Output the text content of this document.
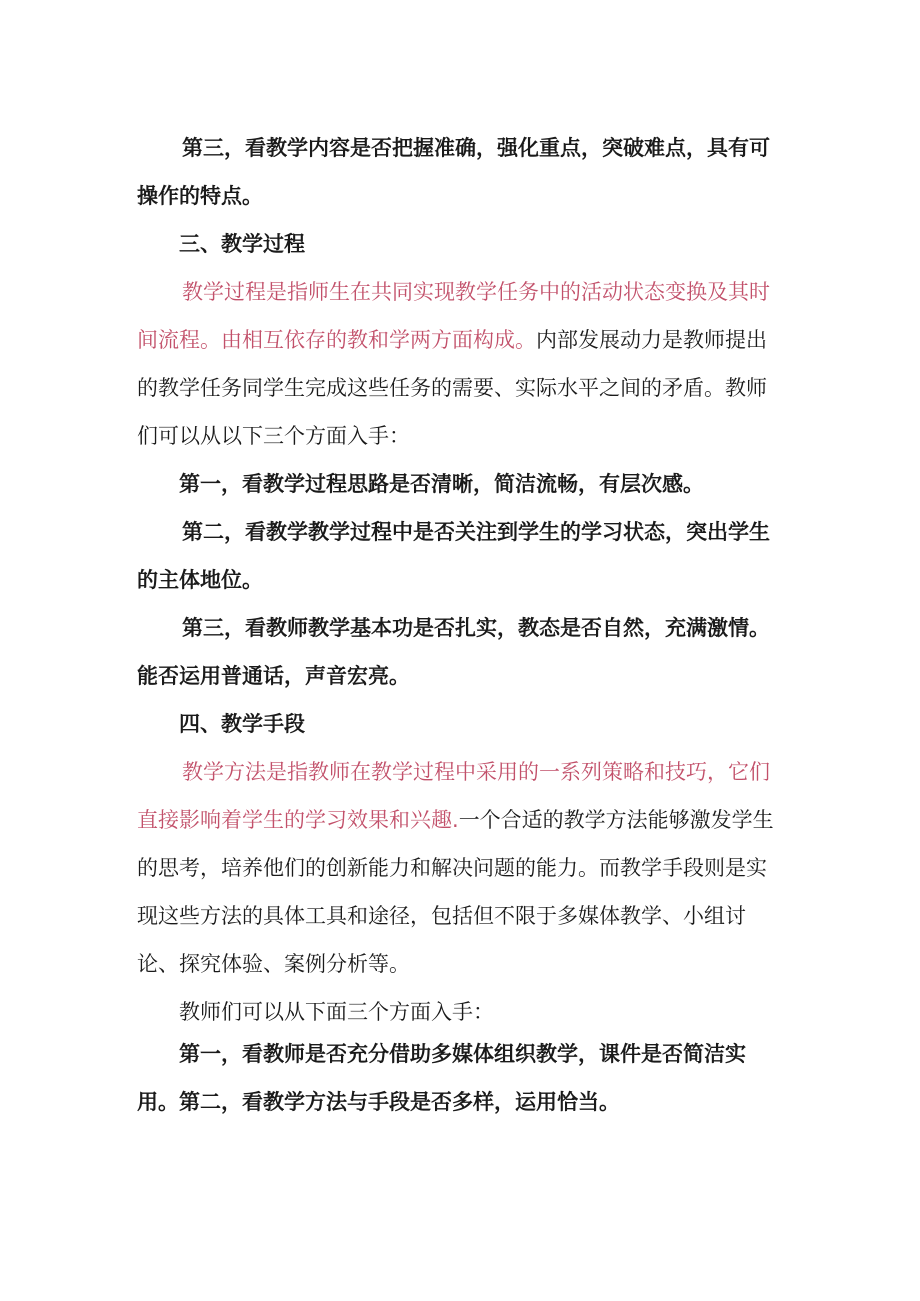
第三，看教学内容是否把握准确，强化重点，突破难点，具有可操作的特点。

三、教学过程

教学过程是指师生在共同实现教学任务中的活动状态变换及其时间流程。由相互依存的教和学两方面构成。内部发展动力是教师提出的教学任务同学生完成这些任务的需要、实际水平之间的矛盾。教师们可以从以下三个方面入手：

第一，看教学过程思路是否清晰，简洁流畅，有层次感。

第二，看教学教学过程中是否关注到学生的学习状态，突出学生的主体地位。

第三，看教师教学基本功是否扎实，教态是否自然，充满激情。能否运用普通话，声音宏亮。

四、教学手段

教学方法是指教师在教学过程中采用的一系列策略和技巧，它们直接影响着学生的学习效果和兴趣.一个合适的教学方法能够激发学生的思考，培养他们的创新能力和解决问题的能力。而教学手段则是实现这些方法的具体工具和途径，包括但不限于多媒体教学、小组讨论、探究体验、案例分析等。

教师们可以从下面三个方面入手：

第一，看教师是否充分借助多媒体组织教学，课件是否简洁实用。 第二，看教学方法与手段是否多样，运用恰当。
